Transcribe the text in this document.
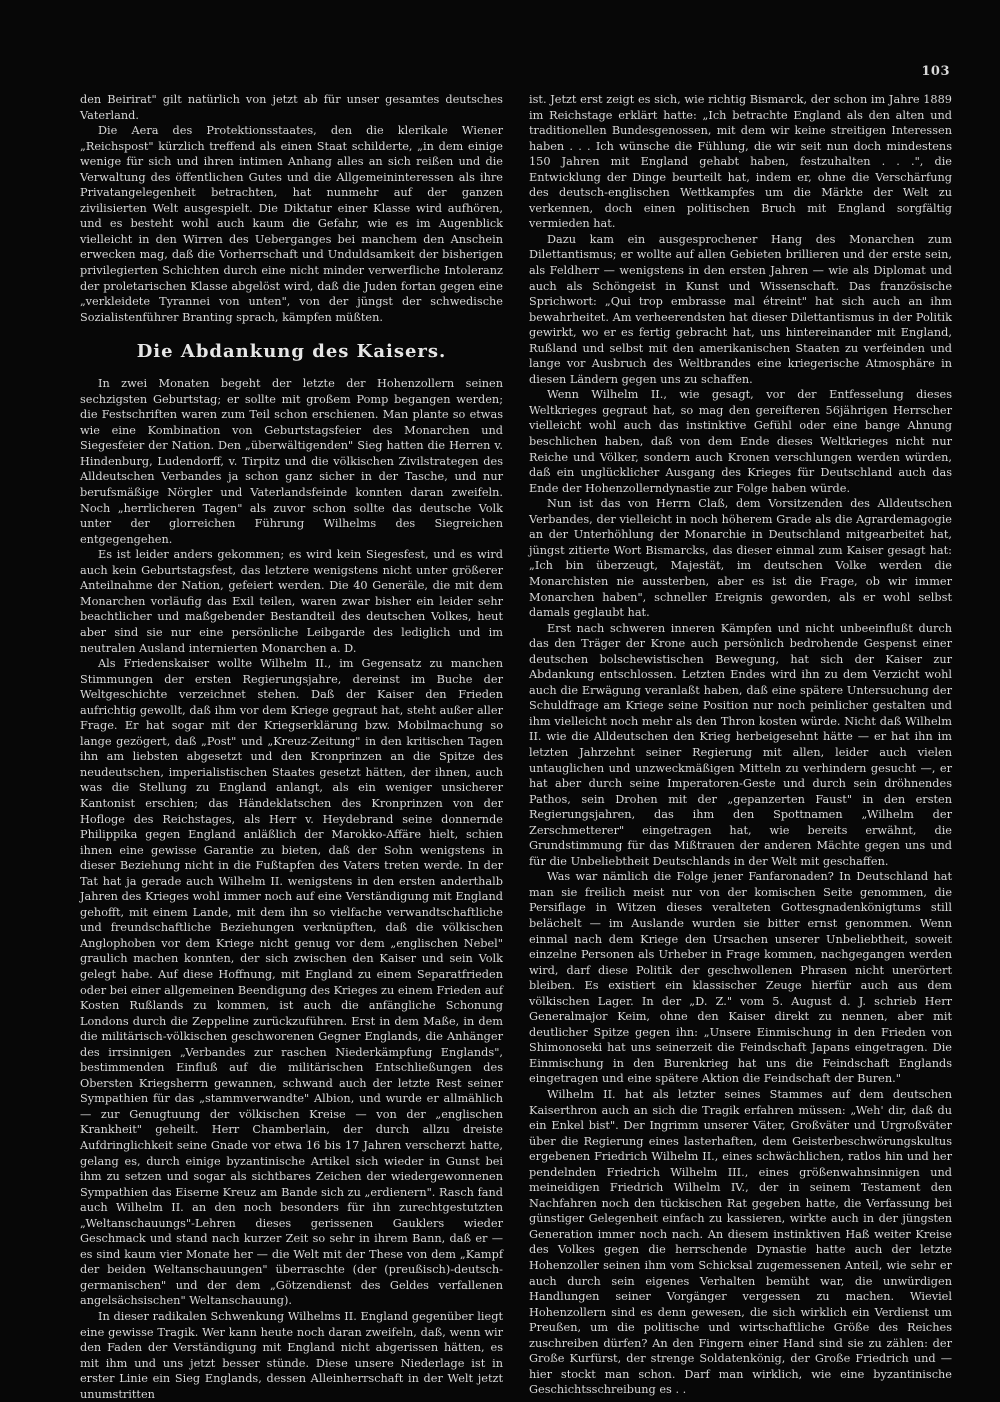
103

den Beirirat" gilt natürlich von jetzt ab für unser gesamtes deutsches Vaterland.

Die Aera des Protektionsstaates, den die klerikale Wiener „Reichspost" kürzlich treffend als einen Staat schilderte, „in dem einige wenige für sich und ihren intimen Anhang alles an sich reißen und die Verwaltung des öffentlichen Gutes und die Allgemeininteressen als ihre Privatangelegenheit betrachten, hat nunmehr auf der ganzen zivilisierten Welt ausgespielt. Die Diktatur einer Klasse wird aufhören, und es besteht wohl auch kaum die Gefahr, wie es im Augenblick vielleicht in den Wirren des Ueberganges bei manchem den Anschein erwecken mag, daß die Vorherrschaft und Unduldsamkeit der bisherigen privilegierten Schichten durch eine nicht minder verwerfliche Intoleranz der proletarischen Klasse abgelöst wird, daß die Juden fortan gegen eine „verkleidete Tyrannei von unten", von der jüngst der schwedische Sozialistenführer Branting sprach, kämpfen müßten.

Die Abdankung des Kaisers.

In zwei Monaten begeht der letzte der Hohenzollern seinen sechzigsten Geburtstag; er sollte mit großem Pomp begangen werden; die Festschriften waren zum Teil schon erschienen. Man plante so etwas wie eine Kombination von Geburtstagsfeier des Monarchen und Siegesfeier der Nation. Den „überwältigenden" Sieg hatten die Herren v. Hindenburg, Ludendorff, v. Tirpitz und die völkischen Zivilstrategen des Alldeutschen Verbandes ja schon ganz sicher in der Tasche, und nur berufsmäßige Nörgler und Vaterlandsfeinde konnten daran zweifeln. Noch „herrlicheren Tagen" als zuvor schon sollte das deutsche Volk unter der glorreichen Führung Wilhelms des Siegreichen entgegengehen.

Es ist leider anders gekommen; es wird kein Siegesfest, und es wird auch kein Geburtstagsfest, das letztere wenigstens nicht unter größerer Anteilnahme der Nation, gefeiert werden. Die 40 Generäle, die mit dem Monarchen vorläufig das Exil teilen, waren zwar bisher ein leider sehr beachtlicher und maßgebender Bestandteil des deutschen Volkes, heut aber sind sie nur eine persönliche Leibgarde des lediglich und im neutralen Ausland internierten Monarchen a. D.

Als Friedenskaiser wollte Wilhelm II., im Gegensatz zu manchen Stimmungen der ersten Regierungsjahre, dereinst im Buche der Weltgeschichte verzeichnet stehen. Daß der Kaiser den Frieden aufrichtig gewollt, daß ihm vor dem Kriege gegraut hat, steht außer aller Frage. Er hat sogar mit der Kriegserklärung bzw. Mobilmachung so lange gezögert, daß „Post" und „Kreuz-Zeitung" in den kritischen Tagen ihn am liebsten abgesetzt und den Kronprinzen an die Spitze des neudeutschen, imperialistischen Staates gesetzt hätten, der ihnen, auch was die Stellung zu England anlangt, als ein weniger unsicherer Kantonist erschien; das Händeklatschen des Kronprinzen von der Hofloge des Reichstages, als Herr v. Heydebrand seine donnernde Philippika gegen England anläßlich der Marokko-Affäre hielt, schien ihnen eine gewisse Garantie zu bieten, daß der Sohn wenigstens in dieser Beziehung nicht in die Fußtapfen des Vaters treten werde. In der Tat hat ja gerade auch Wilhelm II. wenigstens in den ersten anderthalb Jahren des Krieges wohl immer noch auf eine Verständigung mit England gehofft, mit einem Lande, mit dem ihn so vielfache verwandtschaftliche und freundschaftliche Beziehungen verknüpften, daß die völkischen Anglophoben vor dem Kriege nicht genug vor dem „englischen Nebel" graulich machen konnten, der sich zwischen den Kaiser und sein Volk gelegt habe. Auf diese Hoffnung, mit England zu einem Separatfrieden oder bei einer allgemeinen Beendigung des Krieges zu einem Frieden auf Kosten Rußlands zu kommen, ist auch die anfängliche Schonung Londons durch die Zeppeline zurückzuführen. Erst in dem Maße, in dem die militärisch-völkischen geschworenen Gegner Englands, die Anhänger des irrsinnigen „Verbandes zur raschen Niederkämpfung Englands", bestimmenden Einfluß auf die militärischen Entschließungen des Obersten Kriegsherrn gewannen, schwand auch der letzte Rest seiner Sympathien für das „stammverwandte" Albion, und wurde er allmählich — zur Genugtuung der völkischen Kreise — von der „englischen Krankheit" geheilt. Herr Chamberlain, der durch allzu dreiste Aufdringlichkeit seine Gnade vor etwa 16 bis 17 Jahren verscherzt hatte, gelang es, durch einige byzantinische Artikel sich wieder in Gunst bei ihm zu setzen und sogar als sichtbares Zeichen der wiedergewonnenen Sympathien das Eiserne Kreuz am Bande sich zu „erdienern". Rasch fand auch Wilhelm II. an den noch besonders für ihn zurechtgestutzten „Weltanschauungs"-Lehren dieses gerissenen Gauklers wieder Geschmack und stand nach kurzer Zeit so sehr in ihrem Bann, daß er — es sind kaum vier Monate her — die Welt mit der These von dem „Kampf der beiden Weltanschauungen" überraschte (der (preußisch)-deutsch-germanischen" und der dem „Götzendienst des Geldes verfallenen angelsächsischen" Weltanschauung).

In dieser radikalen Schwenkung Wilhelms II. England gegenüber liegt eine gewisse Tragik. Wer kann heute noch daran zweifeln, daß, wenn wir den Faden der Verständigung mit England nicht abgerissen hätten, es mit ihm und uns jetzt besser stünde. Diese unsere Niederlage ist in erster Linie ein Sieg Englands, dessen Alleinherrschaft in der Welt jetzt unumstritten

ist. Jetzt erst zeigt es sich, wie richtig Bismarck, der schon im Jahre 1889 im Reichstage erklärt hatte: „Ich betrachte England als den alten und traditionellen Bundesgenossen, mit dem wir keine streitigen Interessen haben . . . Ich wünsche die Fühlung, die wir seit nun doch mindestens 150 Jahren mit England gehabt haben, festzuhalten . . .", die Entwicklung der Dinge beurteilt hat, indem er, ohne die Verschärfung des deutsch-englischen Wettkampfes um die Märkte der Welt zu verkennen, doch einen politischen Bruch mit England sorgfältig vermieden hat.

Dazu kam ein ausgesprochener Hang des Monarchen zum Dilettantismus; er wollte auf allen Gebieten brillieren und der erste sein, als Feldherr — wenigstens in den ersten Jahren — wie als Diplomat und auch als Schöngeist in Kunst und Wissenschaft. Das französische Sprichwort: „Qui trop embrasse mal étreint" hat sich auch an ihm bewahrheitet. Am verheerendsten hat dieser Dilettantismus in der Politik gewirkt, wo er es fertig gebracht hat, uns hintereinander mit England, Rußland und selbst mit den amerikanischen Staaten zu verfeinden und lange vor Ausbruch des Weltbrandes eine kriegerische Atmosphäre in diesen Ländern gegen uns zu schaffen.

Wenn Wilhelm II., wie gesagt, vor der Entfesselung dieses Weltkrieges gegraut hat, so mag den gereifteren 56jährigen Herrscher vielleicht wohl auch das instinktive Gefühl oder eine bange Ahnung beschlichen haben, daß von dem Ende dieses Weltkrieges nicht nur Reiche und Völker, sondern auch Kronen verschlungen werden würden, daß ein unglücklicher Ausgang des Krieges für Deutschland auch das Ende der Hohenzollerndynastie zur Folge haben würde.

Nun ist das von Herrn Claß, dem Vorsitzenden des Alldeutschen Verbandes, der vielleicht in noch höherem Grade als die Agrardemagogie an der Unterhöhlung der Monarchie in Deutschland mitgearbeitet hat, jüngst zitierte Wort Bismarcks, das dieser einmal zum Kaiser gesagt hat: „Ich bin überzeugt, Majestät, im deutschen Volke werden die Monarchisten nie aussterben, aber es ist die Frage, ob wir immer Monarchen haben", schneller Ereignis geworden, als er wohl selbst damals geglaubt hat.

Erst nach schweren inneren Kämpfen und nicht unbeeinflußt durch das den Träger der Krone auch persönlich bedrohende Gespenst einer deutschen bolschewistischen Bewegung, hat sich der Kaiser zur Abdankung entschlossen. Letzten Endes wird ihn zu dem Verzicht wohl auch die Erwägung veranlaßt haben, daß eine spätere Untersuchung der Schuldfrage am Kriege seine Position nur noch peinlicher gestalten und ihm vielleicht noch mehr als den Thron kosten würde. Nicht daß Wilhelm II. wie die Alldeutschen den Krieg herbeigesehnt hätte — er hat ihn im letzten Jahrzehnt seiner Regierung mit allen, leider auch vielen untauglichen und unzweckmäßigen Mitteln zu verhindern gesucht —, er hat aber durch seine Imperatoren-Geste und durch sein dröhnendes Pathos, sein Drohen mit der „gepanzerten Faust" in den ersten Regierungsjahren, das ihm den Spottnamen „Wilhelm der Zerschmetterer" eingetragen hat, wie bereits erwähnt, die Grundstimmung für das Mißtrauen der anderen Mächte gegen uns und für die Unbeliebtheit Deutschlands in der Welt mit geschaffen.

Was war nämlich die Folge jener Fanfaronaden? In Deutschland hat man sie freilich meist nur von der komischen Seite genommen, die Persiflage in Witzen dieses veralteten Gottesgnadenkönigtums still belächelt — im Auslande wurden sie bitter ernst genommen. Wenn einmal nach dem Kriege den Ursachen unserer Unbeliebtheit, soweit einzelne Personen als Urheber in Frage kommen, nachgegangen werden wird, darf diese Politik der geschwollenen Phrasen nicht unerörtert bleiben. Es existiert ein klassischer Zeuge hierfür auch aus dem völkischen Lager. In der „D. Z." vom 5. August d. J. schrieb Herr Generalmajor Keim, ohne den Kaiser direkt zu nennen, aber mit deutlicher Spitze gegen ihn: „Unsere Einmischung in den Frieden von Shimonoseki hat uns seinerzeit die Feindschaft Japans eingetragen. Die Einmischung in den Burenkrieg hat uns die Feindschaft Englands eingetragen und eine spätere Aktion die Feindschaft der Buren."

Wilhelm II. hat als letzter seines Stammes auf dem deutschen Kaiserthron auch an sich die Tragik erfahren müssen: „Weh' dir, daß du ein Enkel bist". Der Ingrimm unserer Väter, Großväter und Urgroßväter über die Regierung eines lasterhaften, dem Geisterbeschwörungskultus ergebenen Friedrich Wilhelm II., eines schwächlichen, ratlos hin und her pendelnden Friedrich Wilhelm III., eines größenwahnsinnigen und meineidigen Friedrich Wilhelm IV., der in seinem Testament den Nachfahren noch den tückischen Rat gegeben hatte, die Verfassung bei günstiger Gelegenheit einfach zu kassieren, wirkte auch in der jüngsten Generation immer noch nach. An diesem instinktiven Haß weiter Kreise des Volkes gegen die herrschende Dynastie hatte auch der letzte Hohenzoller seinen ihm vom Schicksal zugemessenen Anteil, wie sehr er auch durch sein eigenes Verhalten bemüht war, die unwürdigen Handlungen seiner Vorgänger vergessen zu machen. Wieviel Hohenzollern sind es denn gewesen, die sich wirklich ein Verdienst um Preußen, um die politische und wirtschaftliche Größe des Reiches zuschreiben dürfen? An den Fingern einer Hand sind sie zu zählen: der Große Kurfürst, der strenge Soldatenkönig, der Große Friedrich und — hier stockt man schon. Darf man wirklich, wie eine byzantinische Geschichtsschreibung es . .
